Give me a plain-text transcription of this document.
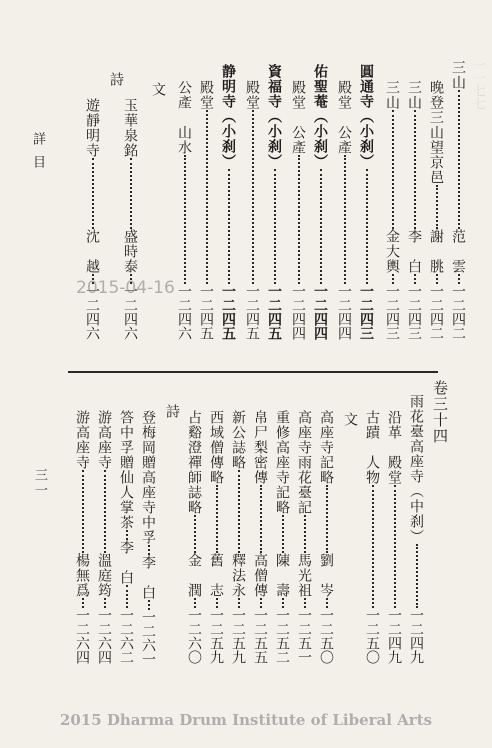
一一七七
三山
范　雲
一二四二
晚登三山望京邑
謝　朓
一二四二
三山
李　白
一二四三
三山
金大輿
一二四三
圓通寺（小刹）
一二四三
殿堂　公產
一二四四
佑聖菴（小刹）
一二四四
殿堂　公產
一二四四
資福寺（小刹）
一二四五
殿堂
一二四五
静明寺（小刹）
一二四五
殿堂
一二四五
公產　山水
一二四六
文
玉華泉銘
盛時泰
一二四六
詩
遊靜明寺
沈　越
一二四六
詳目
2015-04-16
卷三十四
雨花臺高座寺（中刹）
一二四九
沿革　殿堂
一二四九
古蹟　人物
一二五〇
文
高座寺記略
劉　岑
一二五〇
高座寺雨花臺記
馬光祖
一二五一
重修高座寺記略
陳　壽
一二五二
帛尸梨密傳
高僧傳
一二五五
新公誌略
釋法永
一二五九
西域僧傳略
舊　志
一二五九
占谿澄禪師誌略
金　潤
一二六〇
詩
登梅岡贈高座寺中孚
李　白
一二六一
答中孚贈仙人掌茶
李　白
一二六二
游高座寺
溫庭筠
一二六四
游高座寺
楊無爲
一二六四
三一
2015 Dharma Drum Institute of Liberal Arts
